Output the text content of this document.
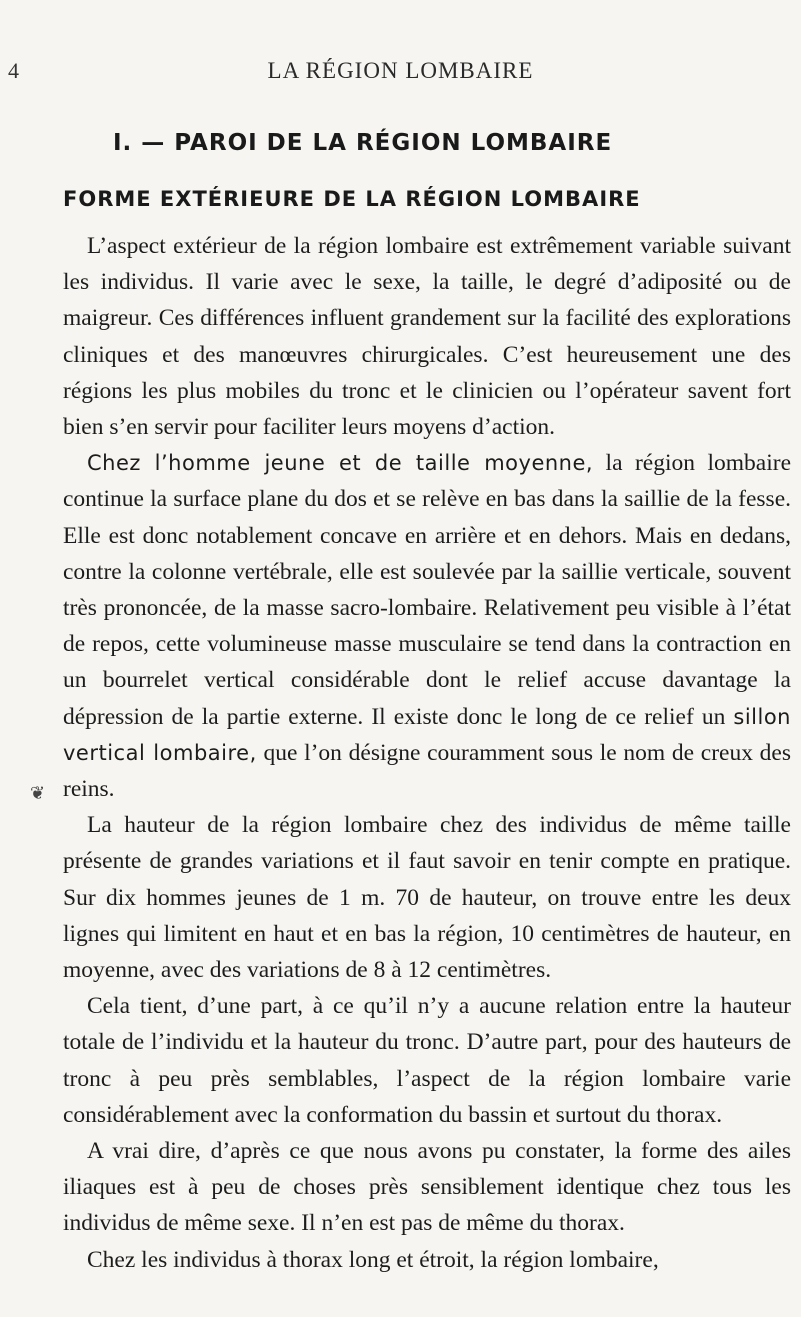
4	LA RÉGION LOMBAIRE
I. — PAROI DE LA RÉGION LOMBAIRE
FORME EXTÉRIEURE DE LA RÉGION LOMBAIRE
❦

L’aspect extérieur de la région lombaire est extrêmement variable suivant les individus. Il varie avec le sexe, la taille, le degré d’adiposité ou de maigreur. Ces différences influent grandement sur la facilité des explorations cliniques et des manœuvres chirurgicales. C’est heureusement une des régions les plus mobiles du tronc et le clinicien ou l’opérateur savent fort bien s’en servir pour faciliter leurs moyens d’action.

Chez l’homme jeune et de taille moyenne, la région lombaire continue la surface plane du dos et se relève en bas dans la saillie de la fesse. Elle est donc notablement concave en arrière et en dehors. Mais en dedans, contre la colonne vertébrale, elle est soulevée par la saillie verticale, souvent très prononcée, de la masse sacro-lombaire. Relativement peu visible à l’état de repos, cette volumineuse masse musculaire se tend dans la contraction en un bourrelet vertical considérable dont le relief accuse davantage la dépression de la partie externe. Il existe donc le long de ce relief un sillon vertical lombaire, que l’on désigne couramment sous le nom de creux des reins.

La hauteur de la région lombaire chez des individus de même taille présente de grandes variations et il faut savoir en tenir compte en pratique. Sur dix hommes jeunes de 1 m. 70 de hauteur, on trouve entre les deux lignes qui limitent en haut et en bas la région, 10 centimètres de hauteur, en moyenne, avec des variations de 8 à 12 centimètres.

Cela tient, d’une part, à ce qu’il n’y a aucune relation entre la hauteur totale de l’individu et la hauteur du tronc. D’autre part, pour des hauteurs de tronc à peu près semblables, l’aspect de la région lombaire varie considérablement avec la conformation du bassin et surtout du thorax.

A vrai dire, d’après ce que nous avons pu constater, la forme des ailes iliaques est à peu de choses près sensiblement identique chez tous les individus de même sexe. Il n’en est pas de même du thorax.

Chez les individus à thorax long et étroit, la région lombaire,
